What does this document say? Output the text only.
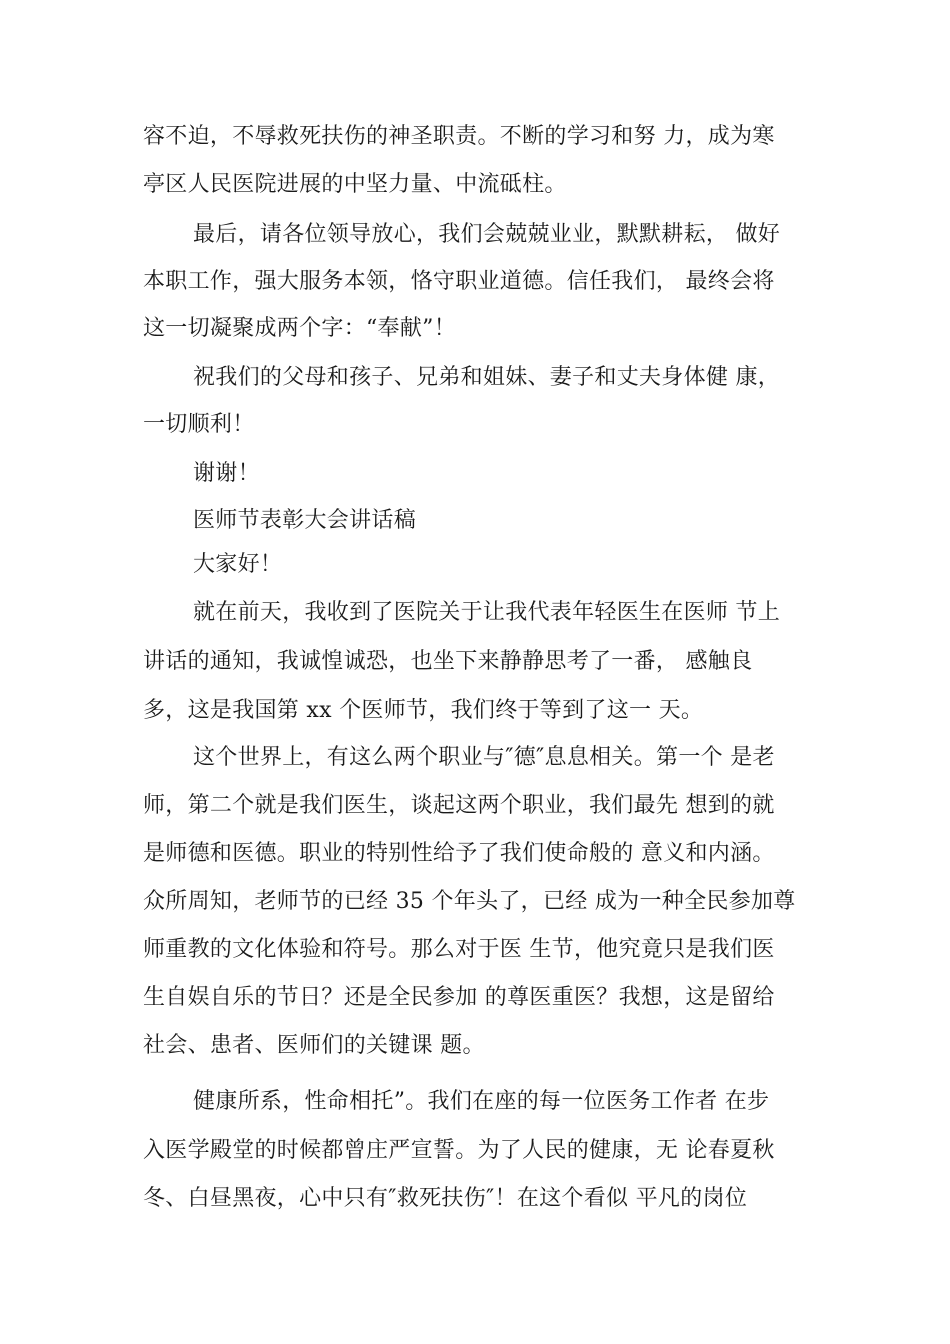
容不迫，不辱救死扶伤的神圣职责。不断的学习和努 力，成为寒
亭区人民医院进展的中坚力量、中流砥柱。
最后，请各位领导放心，我们会兢兢业业，默默耕耘， 做好
本职工作，强大服务本领，恪守职业道德。信任我们， 最终会将
这一切凝聚成两个字：“奉献”！
祝我们的父母和孩子、兄弟和姐妹、妻子和丈夫身体健 康，
一切顺利！
谢谢！
医师节表彰大会讲话稿
大家好！
就在前天，我收到了医院关于让我代表年轻医生在医师 节上
讲话的通知，我诚惶诚恐，也坐下来静静思考了一番， 感触良
多，这是我国第 xx 个医师节，我们终于等到了这一 天。
这个世界上，有这么两个职业与″德″息息相关。第一个 是老
师，第二个就是我们医生，谈起这两个职业，我们最先 想到的就
是师德和医德。职业的特别性给予了我们使命般的 意义和内涵。
众所周知，老师节的已经 35 个年头了，已经 成为一种全民参加尊
师重教的文化体验和符号。那么对于医 生节，他究竟只是我们医
生自娱自乐的节日？还是全民参加 的尊医重医？我想，这是留给
社会、患者、医师们的关键课 题。
健康所系，性命相托”。我们在座的每一位医务工作者 在步
入医学殿堂的时候都曾庄严宣誓。为了人民的健康，无 论春夏秋
冬、白昼黑夜，心中只有″救死扶伤″！在这个看似 平凡的岗位
